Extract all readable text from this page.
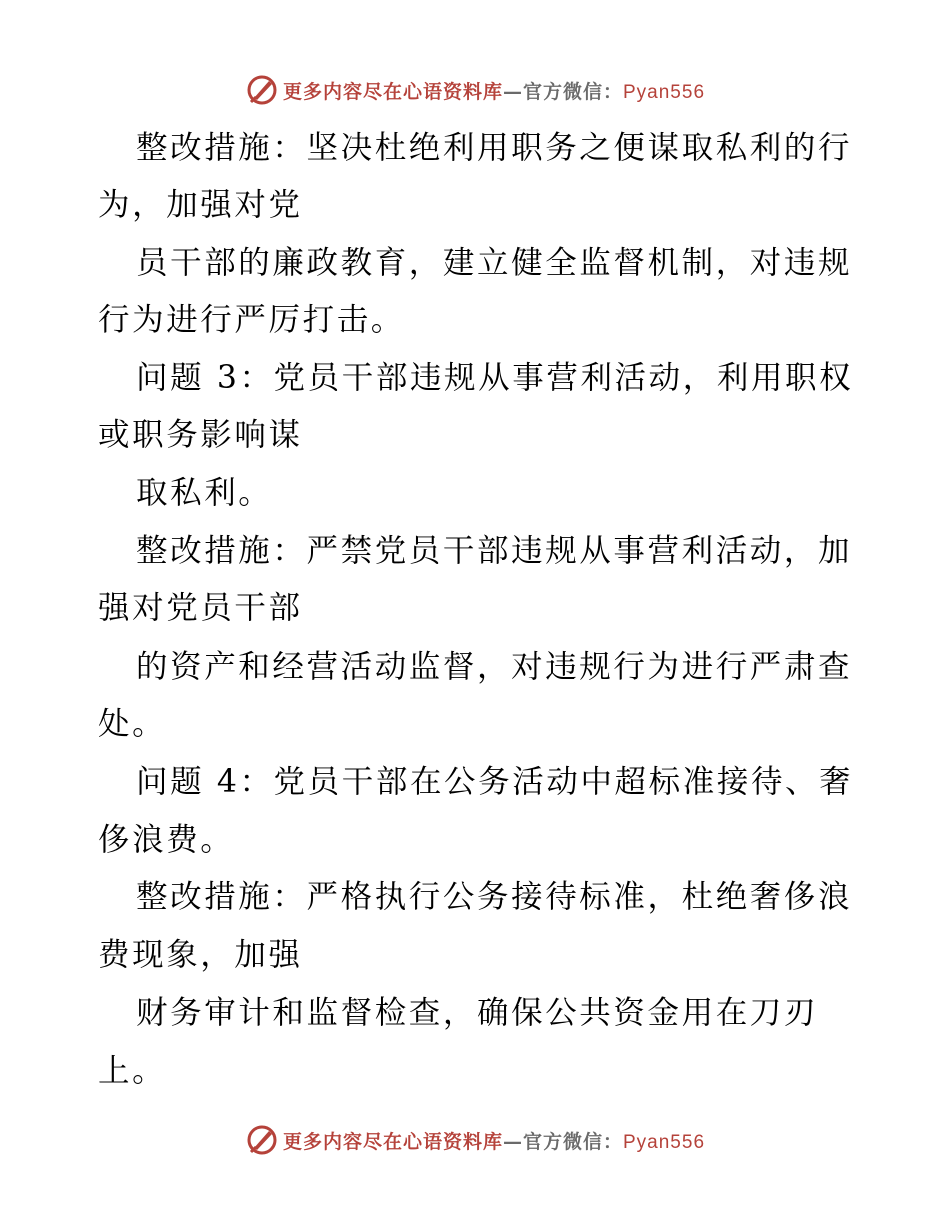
更多内容尽在心语资料库—官方微信：Pyan556
整改措施：坚决杜绝利用职务之便谋取私利的行
为，加强对党
员干部的廉政教育，建立健全监督机制，对违规
行为进行严厉打击。
问题 3：党员干部违规从事营利活动，利用职权
或职务影响谋
取私利。
整改措施：严禁党员干部违规从事营利活动，加
强对党员干部
的资产和经营活动监督，对违规行为进行严肃查
处。
问题 4：党员干部在公务活动中超标准接待、奢
侈浪费。
整改措施：严格执行公务接待标准，杜绝奢侈浪
费现象，加强
财务审计和监督检查，确保公共资金用在刀刃
上。
更多内容尽在心语资料库—官方微信：Pyan556
